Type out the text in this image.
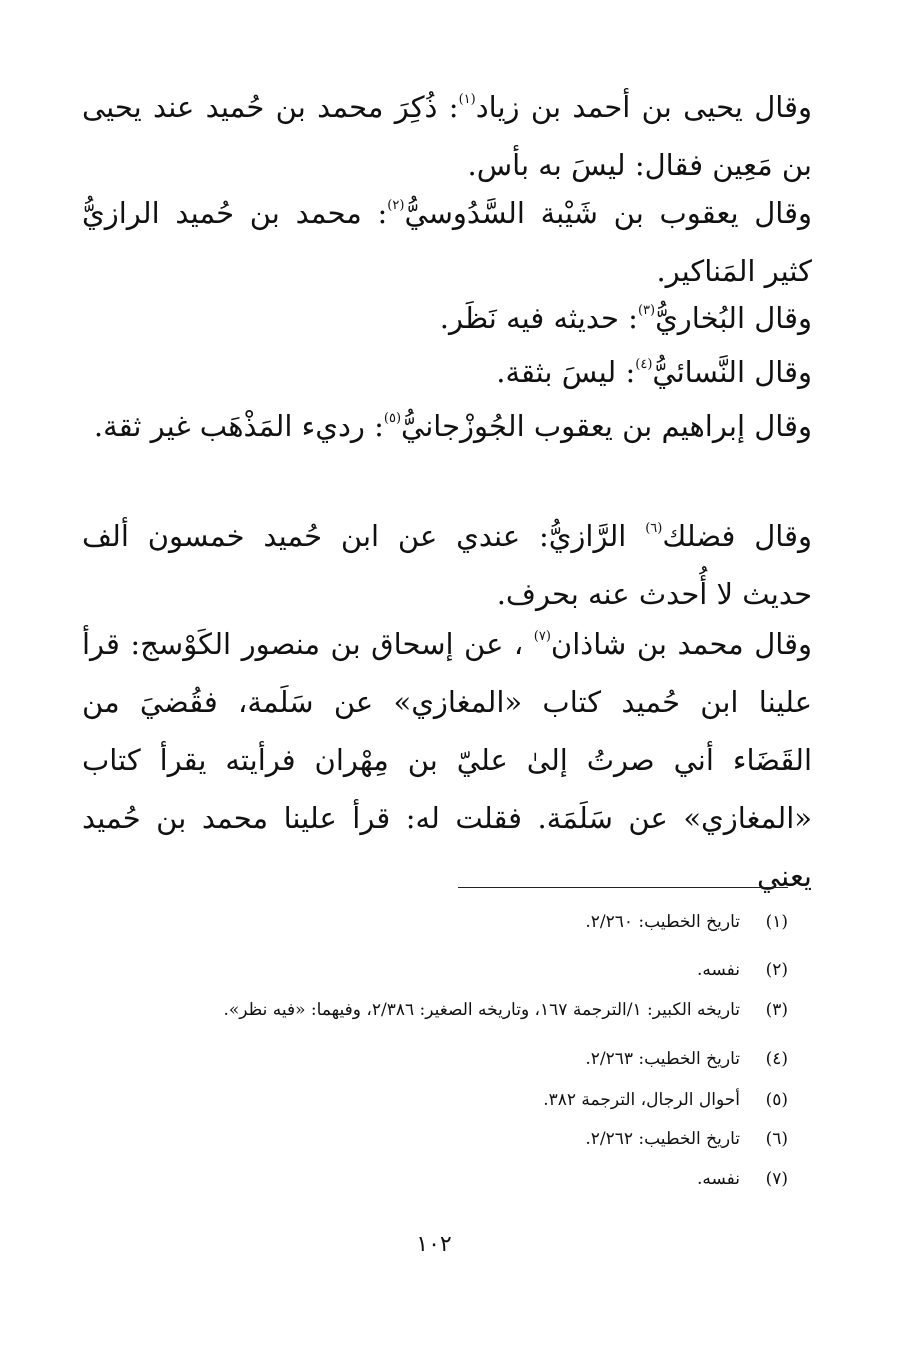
وقال يحيى بن أحمد بن زياد$^{(١)}$: ذُكِرَ محمد بن حُميد عند يحيى بن مَعِين فقال: ليسَ به بأس.

وقال يعقوب بن شَيْبة السَّدُوسيُّ$^{(٢)}$: محمد بن حُميد الرازيُّ كثير المَناكير.

وقال البُخاريُّ$^{(٣)}$: حديثه فيه نَظَر.

وقال النَّسائيُّ$^{(٤)}$: ليسَ بثقة.

وقال إبراهيم بن يعقوب الجُوزْجانيُّ$^{(٥)}$: رديء المَذْهَب غير ثقة.

وقال فضلك$^{(٦)}$ الرَّازيُّ: عندي عن ابن حُميد خمسون ألف حديث لا أُحدث عنه بحرف.

وقال محمد بن شاذان$^{(٧)}$ ، عن إسحاق بن منصور الكَوْسج: قرأ علينا ابن حُميد كتاب «المغازي» عن سَلَمة، فقُضيَ من القَضَاء أني صرتُ إلىٰ عليّ بن مِهْران فرأيته يقرأ كتاب «المغازي» عن سَلَمَة. فقلت له: قرأ علينا محمد بن حُميد يعني

(١)تاريخ الخطيب: ٢/٢٦٠.

(٢)نفسه.

(٣)تاريخه الكبير: ١/الترجمة ١٦٧، وتاريخه الصغير: ٢/٣٨٦، وفيهما: «فيه نظر».

(٤)تاريخ الخطيب: ٢/٢٦٣.

(٥)أحوال الرجال، الترجمة ٣٨٢.

(٦)تاريخ الخطيب: ٢/٢٦٢.

(٧)نفسه.

١٠٢
